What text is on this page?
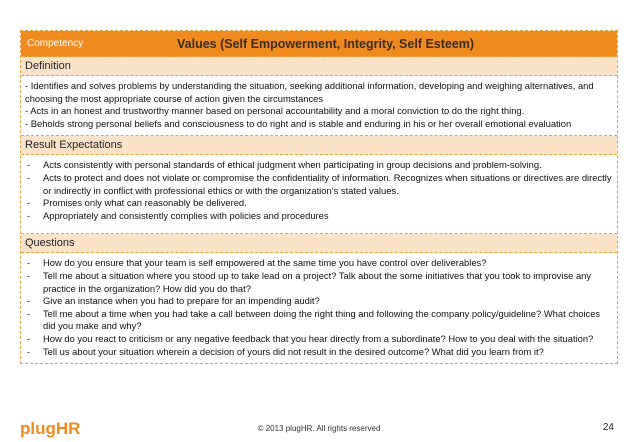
Competency	Values (Self Empowerment, Integrity, Self Esteem)
Definition

- Identifies and solves problems by understanding the situation, seeking additional information, developing and weighing alternatives, and choosing the most appropriate course of action given the circumstances

- Acts in an honest and trustworthy manner based on personal accountability and a moral conviction to do the right thing.

- Beholds strong personal beliefs and consciousness to do right and is stable and enduring in his or her overall emotional evaluation

Result Expectations
-	Acts consistently with personal standards of ethical judgment when participating in group decisions and problem-solving.
-	Acts to protect and does not violate or compromise the confidentiality of information. Recognizes when situations or directives are directly or indirectly in conflict with professional ethics or with the organization’s stated values.
-	Promises only what can reasonably be delivered.
-	Appropriately and consistently complies with policies and procedures
Questions
-	How do you ensure that your team is self empowered at the same time you have control over deliverables?
-	Tell me about a situation where you stood up to take lead on a project? Talk about the some initiatives that you took to improvise any practice in the organization? How did you do that?
-	Give an instance when you had to prepare for an impending audit?
-	Tell me about a time when you had take a call between doing the right thing and following the company policy/guideline? What choices did you make and why?
-	How do you react to criticism or any negative feedback that you hear directly from a subordinate? How to you deal with the situation?
-	Tell us about your situation wherein a decision of yours did not result in the desired outcome? What did you learn from it?
plugHR	© 2013 plugHR. All rights reserved	24
